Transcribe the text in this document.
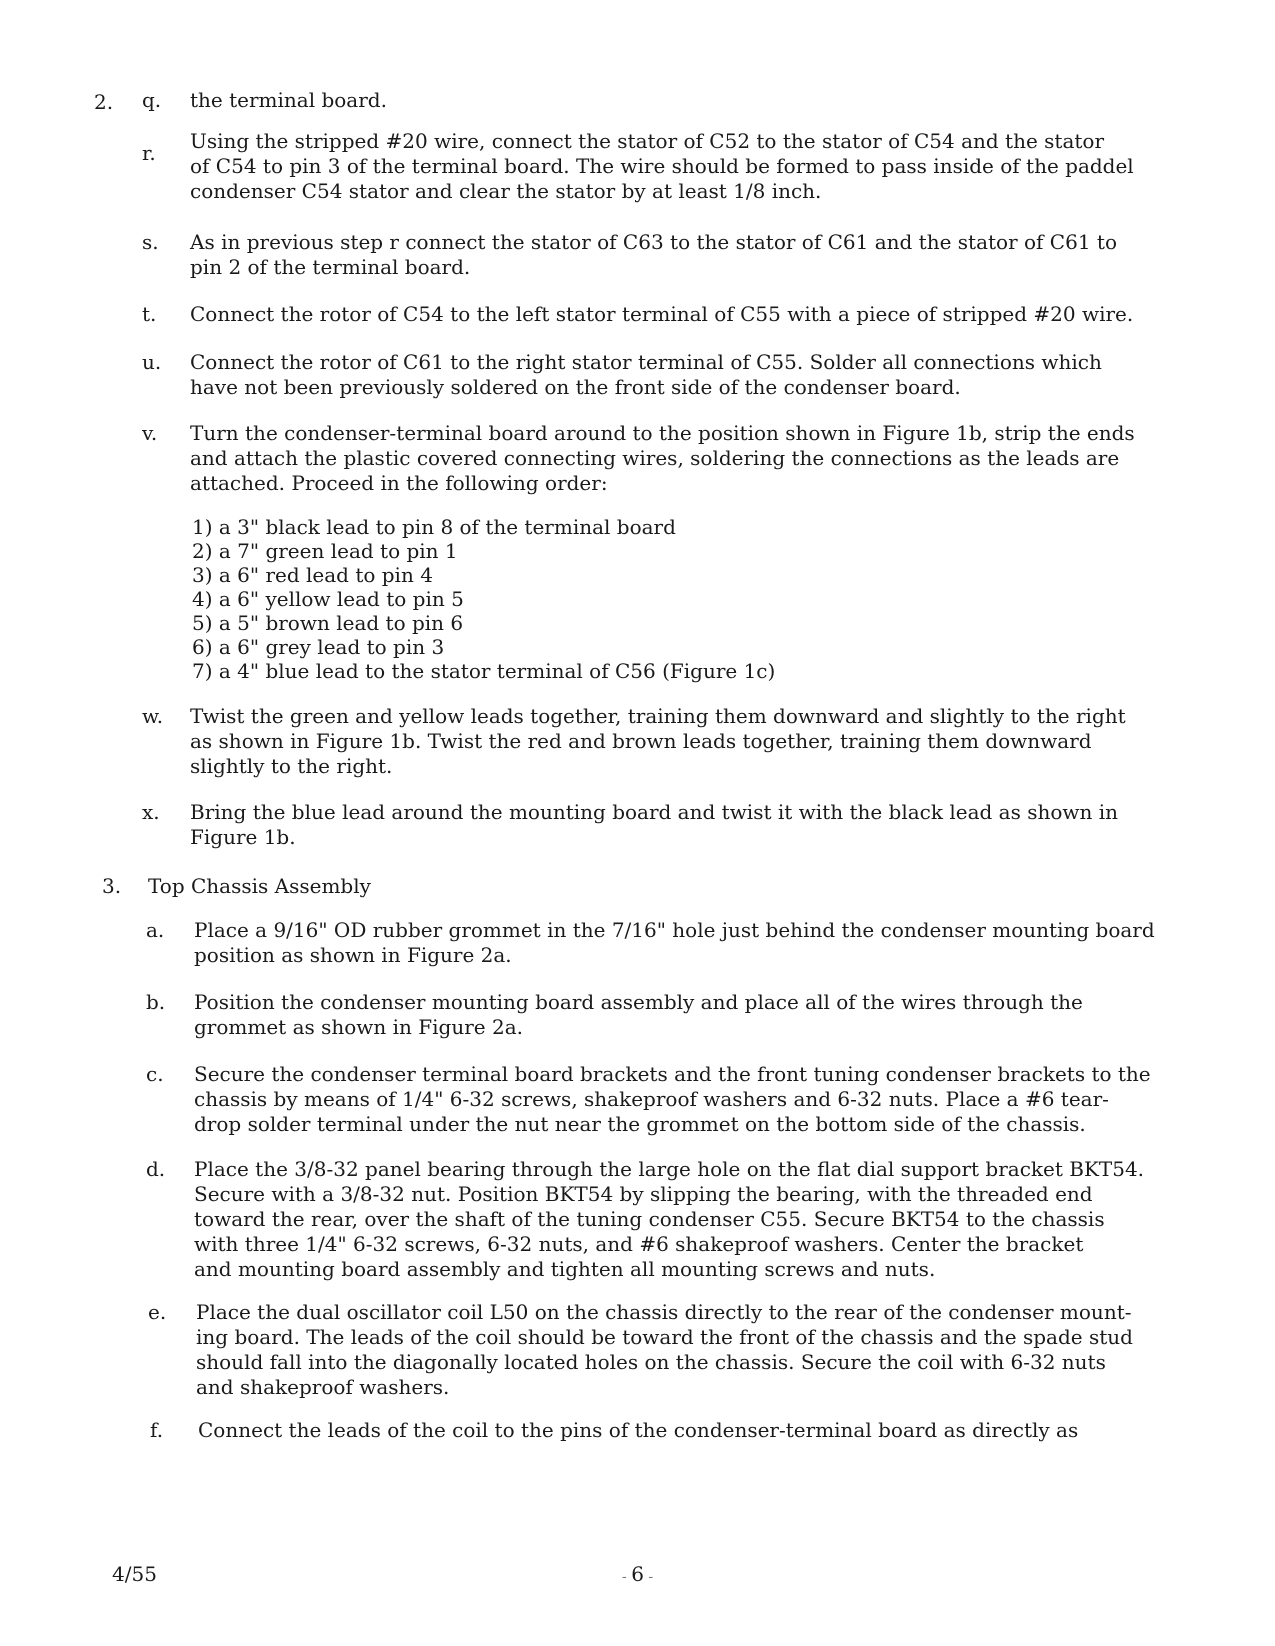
2. q. the terminal board.

r. Using the stripped #20 wire, connect the stator of C52 to the stator of C54 and the stator

of C54 to pin 3 of the terminal board. The wire should be formed to pass inside of the paddel

condenser C54 stator and clear the stator by at least 1/8 inch.

s. As in previous step r connect the stator of C63 to the stator of C61 and the stator of C61 to

pin 2 of the terminal board.

t. Connect the rotor of C54 to the left stator terminal of C55 with a piece of stripped #20 wire.

u. Connect the rotor of C61 to the right stator terminal of C55. Solder all connections which

have not been previously soldered on the front side of the condenser board.

v. Turn the condenser-terminal board around to the position shown in Figure 1b, strip the ends

and attach the plastic covered connecting wires, soldering the connections as the leads are

attached. Proceed in the following order:

1) a 3" black lead to pin 8 of the terminal board
2) a 7" green lead to pin 1
3) a 6" red lead to pin 4
4) a 6" yellow lead to pin 5
5) a 5" brown lead to pin 6
6) a 6" grey lead to pin 3
7) a 4" blue lead to the stator terminal of C56 (Figure 1c)
w. Twist the green and yellow leads together, training them downward and slightly to the right

as shown in Figure 1b. Twist the red and brown leads together, training them downward

slightly to the right.

x. Bring the blue lead around the mounting board and twist it with the black lead as shown in

Figure 1b.

3. Top Chassis Assembly
a. Place a 9/16" OD rubber grommet in the 7/16" hole just behind the condenser mounting board

position as shown in Figure 2a.

b. Position the condenser mounting board assembly and place all of the wires through the

grommet as shown in Figure 2a.

c. Secure the condenser terminal board brackets and the front tuning condenser brackets to the

chassis by means of 1/4" 6-32 screws, shakeproof washers and 6-32 nuts. Place a #6 tear-

drop solder terminal under the nut near the grommet on the bottom side of the chassis.

d. Place the 3/8-32 panel bearing through the large hole on the flat dial support bracket BKT54.

Secure with a 3/8-32 nut. Position BKT54 by slipping the bearing, with the threaded end

toward the rear, over the shaft of the tuning condenser C55. Secure BKT54 to the chassis

with three 1/4" 6-32 screws, 6-32 nuts, and #6 shakeproof washers. Center the bracket

and mounting board assembly and tighten all mounting screws and nuts.

e. Place the dual oscillator coil L50 on the chassis directly to the rear of the condenser mount-

ing board. The leads of the coil should be toward the front of the chassis and the spade stud

should fall into the diagonally located holes on the chassis. Secure the coil with 6-32 nuts

and shakeproof washers.

f. Connect the leads of the coil to the pins of the condenser-terminal board as directly as

4/55	- 6 -
